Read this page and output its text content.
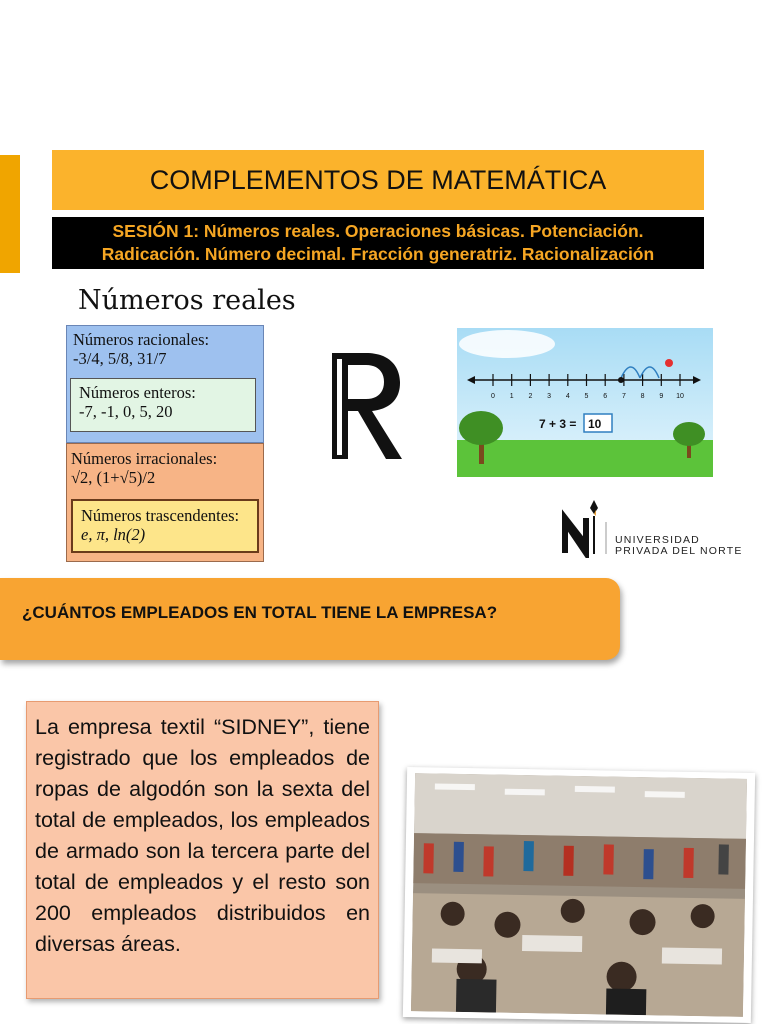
COMPLEMENTOS DE MATEMÁTICA
SESIÓN 1: Números reales. Operaciones básicas. Potenciación.
Radicación. Número decimal. Fracción generatriz. Racionalización
Números reales
Números racionales:
-3/4, 5/8, 31/7
Números enteros:
-7, -1, 0, 5, 20
Números irracionales:
√2, (1+√5)/2
Números trascendentes:
e, π, ln(2)
0 1 2 3 4 5 6 7 8 9 10
7 + 3 = 10
UNIVERSIDAD
PRIVADA DEL NORTE
¿CUÁNTOS EMPLEADOS EN TOTAL TIENE LA EMPRESA?

La empresa textil “SIDNEY”, tiene registrado que los empleados de ropas de algodón son la sexta del total de empleados, los empleados de armado son la tercera parte del total de empleados y el resto son 200 empleados distribuidos en diversas áreas.
